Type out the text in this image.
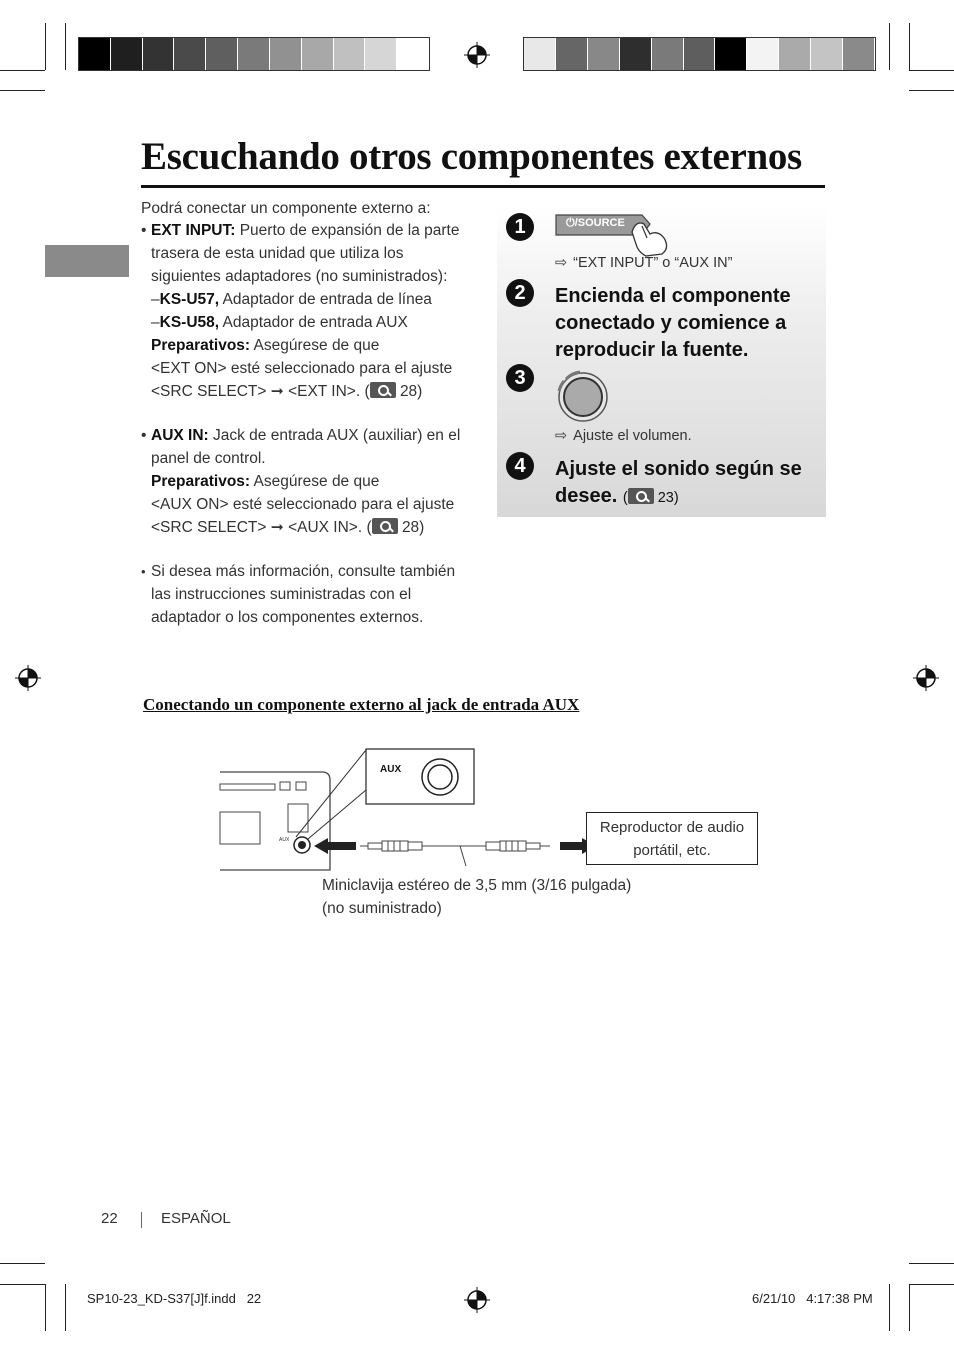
Escuchando otros componentes externos
Podrá conectar un componente externo a:
• EXT INPUT: Puerto de expansión de la parte trasera de esta unidad que utiliza los siguientes adaptadores (no suministrados):
–KS-U57, Adaptador de entrada de línea
–KS-U58, Adaptador de entrada AUX
Preparativos: Asegúrese de que
<EXT ON> esté seleccionado para el ajuste
<SRC SELECT> ➞ <EXT IN>. ( 28)
• AUX IN: Jack de entrada AUX (auxiliar) en el panel de control.
Preparativos: Asegúrese de que
<AUX ON> esté seleccionado para el ajuste
<SRC SELECT> ➞ <AUX IN>. ( 28)
• Si desea más información, consulte también las instrucciones suministradas con el adaptador o los componentes externos.
1	⏻/SOURCE
⇨ “EXT INPUT” o “AUX IN”
2	Encienda el componente conectado y comience a reproducir la fuente.
3
⇨ Ajuste el volumen.
4	Ajuste el sonido según se desee. ( 23)
Conectando un componente externo al jack de entrada AUX
AUX
AUX
Reproductor de audio portátil, etc.
Miniclavija estéreo de 3,5 mm (3/16 pulgada)
(no suministrado)
22	ESPAÑOL
SP10-23_KD-S37[J]f.indd   22	6/21/10   4:17:38 PM
